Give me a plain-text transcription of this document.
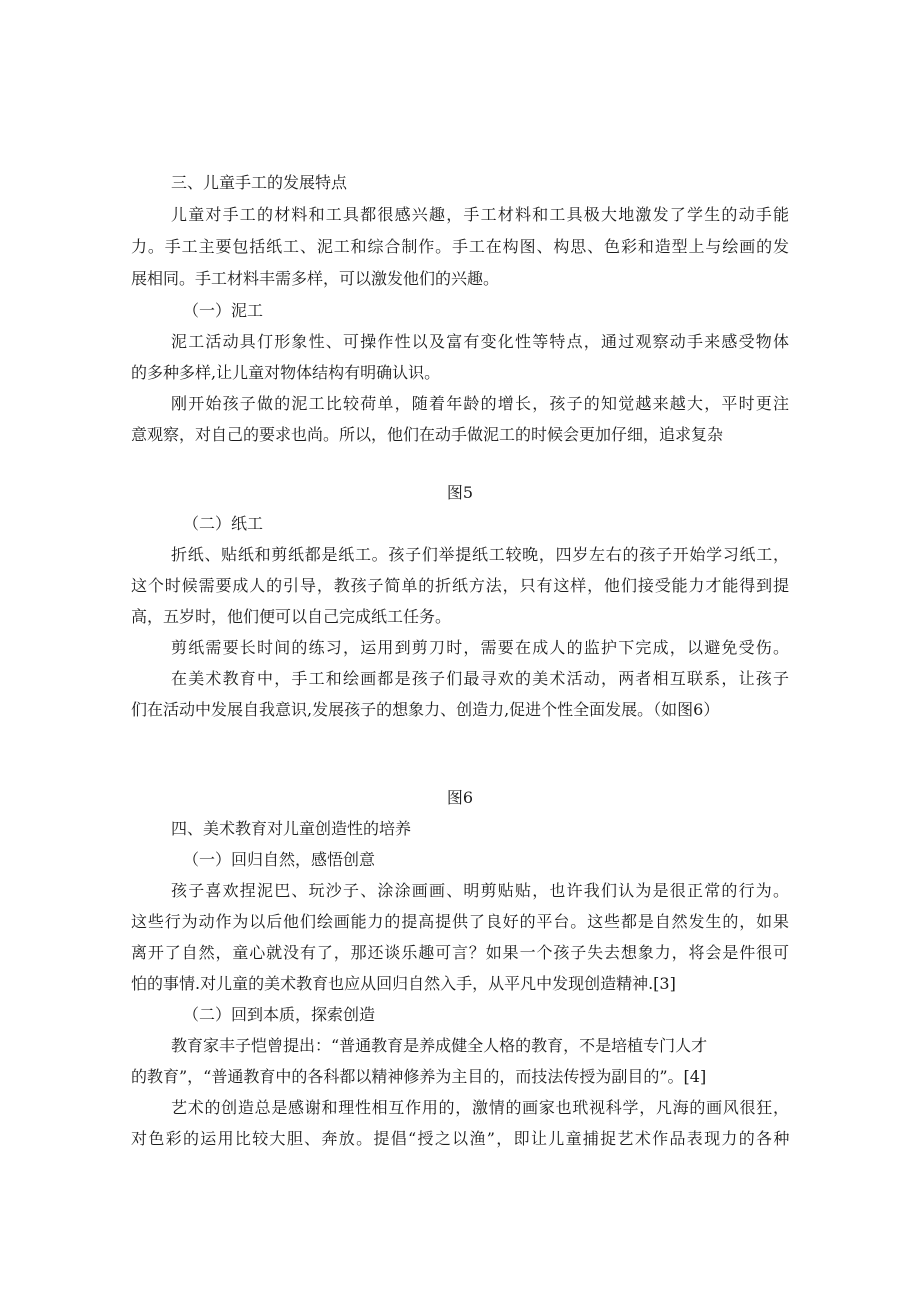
三、儿童手工的发展特点
儿童对手工的材料和工具都很感兴趣，手工材料和工具极大地激发了学生的动手能
力。手工主要包括纸工、泥工和综合制作。手工在构图、构思、色彩和造型上与绘画的发
展相同。手工材料丰需多样，可以激发他们的兴趣。
（一）泥工
泥工活动具仃形象性、可操作性以及富有变化性等特点，通过观察动手来感受物体
的多种多样,让儿童对物体结构有明确认识。
刚开始孩子做的泥工比较荷单，随着年龄的增长，孩子的知觉越来越大，平时更注
意观察，对自己的要求也尚。所以，他们在动手做泥工的时候会更加仔细，追求复杂
图5
（二）纸工
折纸、贴纸和剪纸都是纸工。孩子们举提纸工较晚，四岁左右的孩子开始学习纸工，
这个时候需要成人的引导，教孩子简单的折纸方法，只有这样，他们接受能力才能得到提
高，五岁时，他们便可以自己完成纸工任务。
剪纸需要长时间的练习，运用到剪刀时，需要在成人的监护下完成，以避免受伤。
在美术教育中，手工和绘画都是孩子们最寻欢的美术活动，两者相互联系，让孩子
们在活动中发展自我意识,发展孩子的想象力、创造力,促进个性全面发展。（如图6）
图6
四、美术教育对儿童创造性的培养
（一）回归自然，感悟创意
孩子喜欢捏泥巴、玩沙子、涂涂画画、明剪贴贴，也许我们认为是很正常的行为。
这些行为动作为以后他们绘画能力的提高提供了良好的平台。这些都是自然发生的，如果
离开了自然，童心就没有了，那还谈乐趣可言？如果一个孩子失去想象力，将会是件很可
怕的事情.对儿童的美术教育也应从回归自然入手，从平凡中发现创造精神.[3]
（二）回到本质，探索创造
教育家丰子恺曾提出：“普通教育是养成健全人格的教育，不是培植专门人才
的教育”，“普通教育中的各科都以精神修养为主目的，而技法传授为副目的”。[4]
艺术的创造总是感谢和理性相互作用的，激情的画家也玳视科学，凡海的画风很狂，
对色彩的运用比较大胆、奔放。提倡“授之以渔”，即让儿童捕捉艺术作品表现力的各种
